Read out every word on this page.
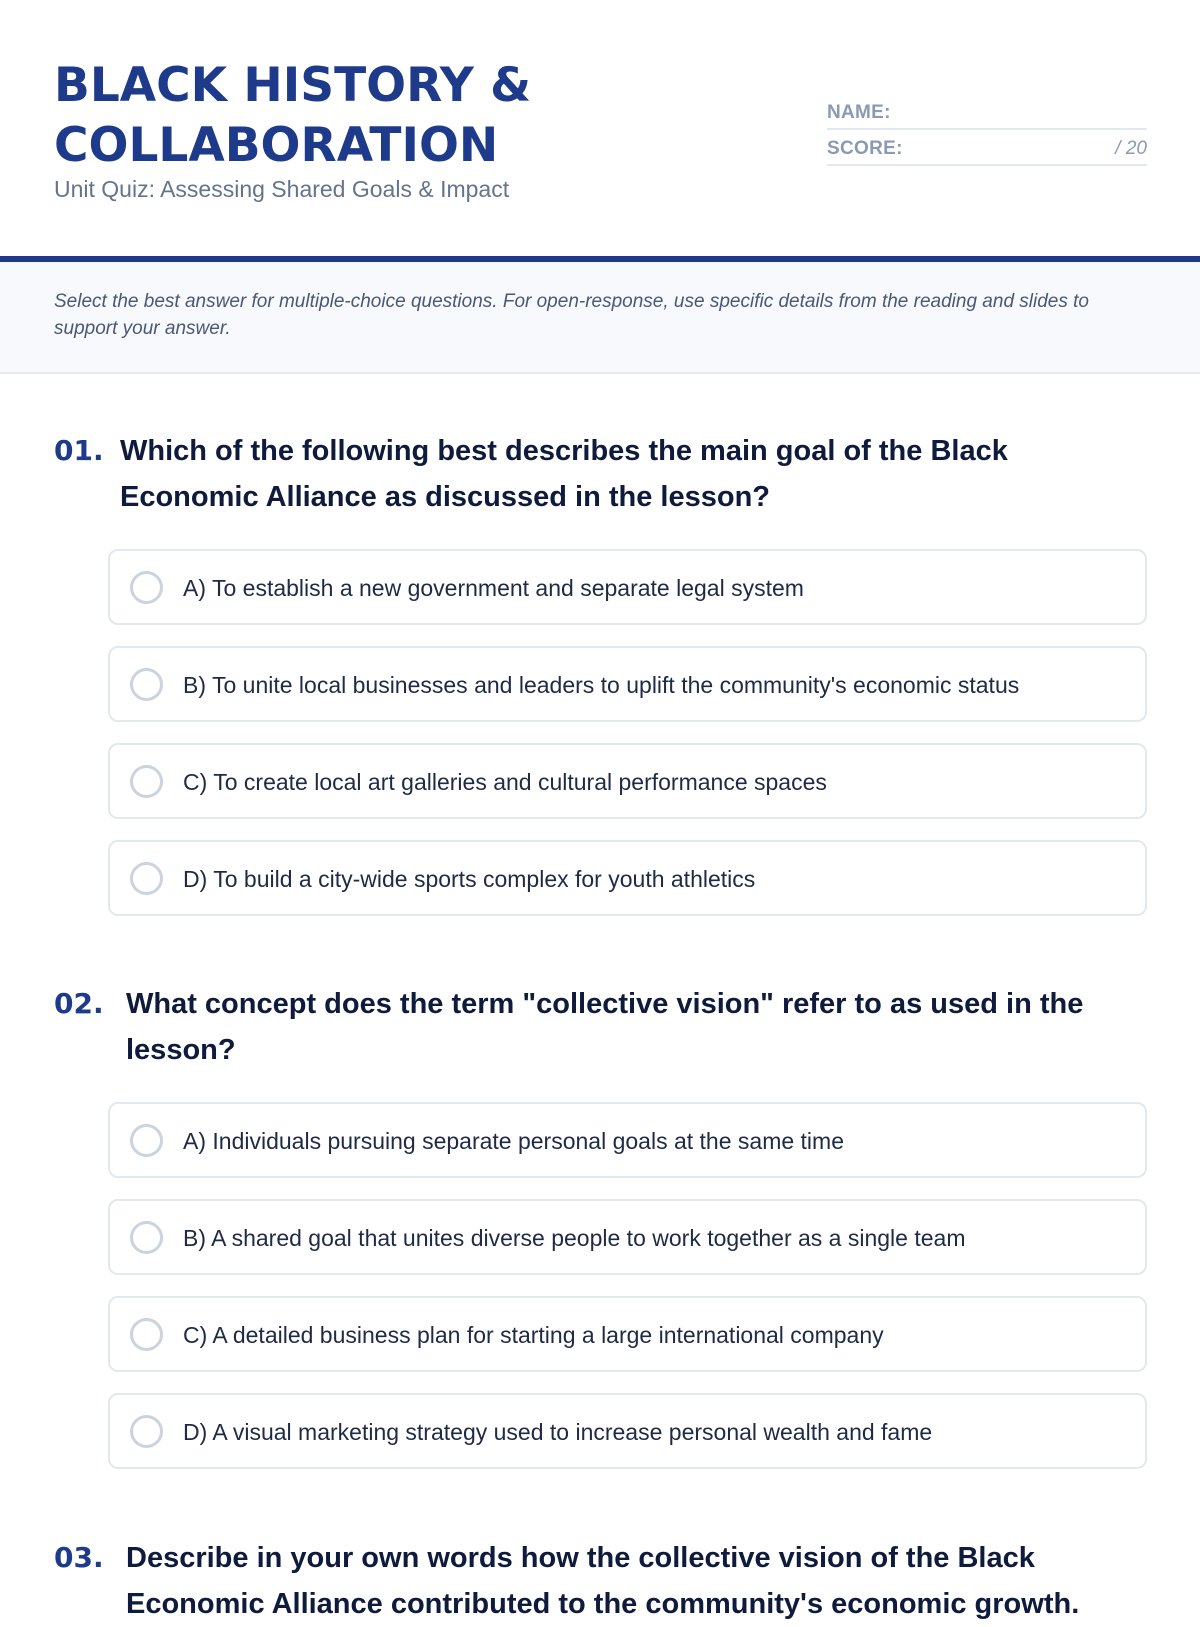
BLACK HISTORY &
COLLABORATION
Unit Quiz: Assessing Shared Goals & Impact
NAME:
SCORE:	/ 20

Select the best answer for multiple-choice questions. For open-response, use specific details from the reading and slides to support your answer.

01. Which of the following best describes the main goal of the Black Economic Alliance as discussed in the lesson?
A) To establish a new government and separate legal system
B) To unite local businesses and leaders to uplift the community's economic status
C) To create local art galleries and cultural performance spaces
D) To build a city-wide sports complex for youth athletics
02. What concept does the term "collective vision" refer to as used in the lesson?
A) Individuals pursuing separate personal goals at the same time
B) A shared goal that unites diverse people to work together as a single team
C) A detailed business plan for starting a large international company
D) A visual marketing strategy used to increase personal wealth and fame
03. Describe in your own words how the collective vision of the Black Economic Alliance contributed to the community's economic growth.
